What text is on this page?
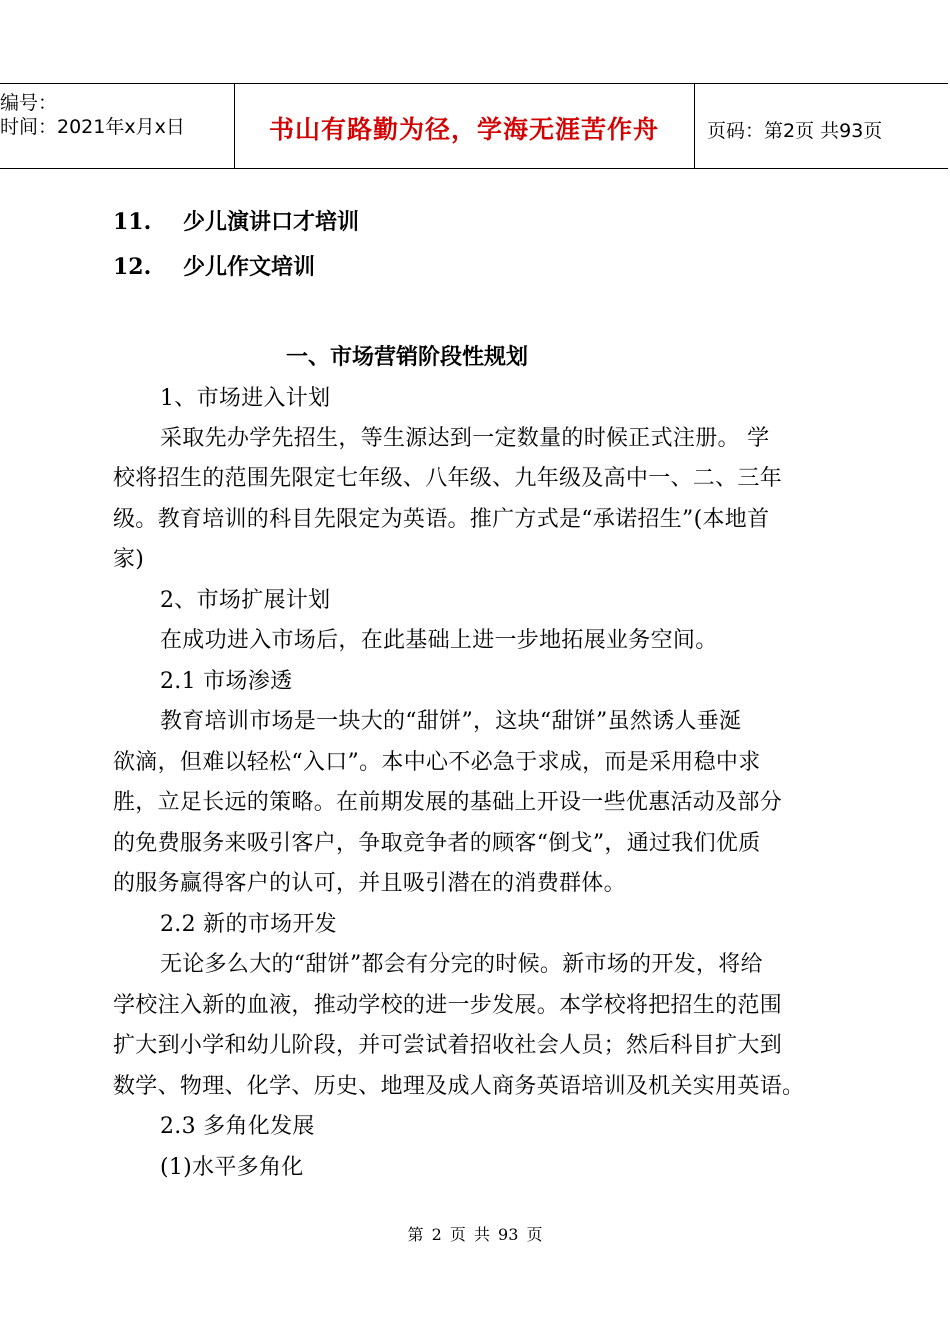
编号：
时间：2021年x月x日	书山有路勤为径，学海无涯苦作舟	页码：第2页 共93页
11. 少儿演讲口才培训
12. 少儿作文培训
一、市场营销阶段性规划
1、市场进入计划
采取先办学先招生，等生源达到一定数量的时候正式注册。 学
校将招生的范围先限定七年级、八年级、九年级及高中一、二、三年
级。教育培训的科目先限定为英语。推广方式是“承诺招生”(本地首
家)
2、市场扩展计划
在成功进入市场后，在此基础上进一步地拓展业务空间。
2.1 市场渗透
教育培训市场是一块大的“甜饼”，这块“甜饼”虽然诱人垂涎
欲滴，但难以轻松“入口”。本中心不必急于求成，而是采用稳中求
胜，立足长远的策略。在前期发展的基础上开设一些优惠活动及部分
的免费服务来吸引客户，争取竞争者的顾客“倒戈”，通过我们优质
的服务赢得客户的认可，并且吸引潜在的消费群体。
2.2 新的市场开发
无论多么大的“甜饼”都会有分完的时候。新市场的开发，将给
学校注入新的血液，推动学校的进一步发展。本学校将把招生的范围
扩大到小学和幼儿阶段，并可尝试着招收社会人员；然后科目扩大到
数学、物理、化学、历史、地理及成人商务英语培训及机关实用英语。
2.3 多角化发展
(1)水平多角化
第 2 页 共 93 页
